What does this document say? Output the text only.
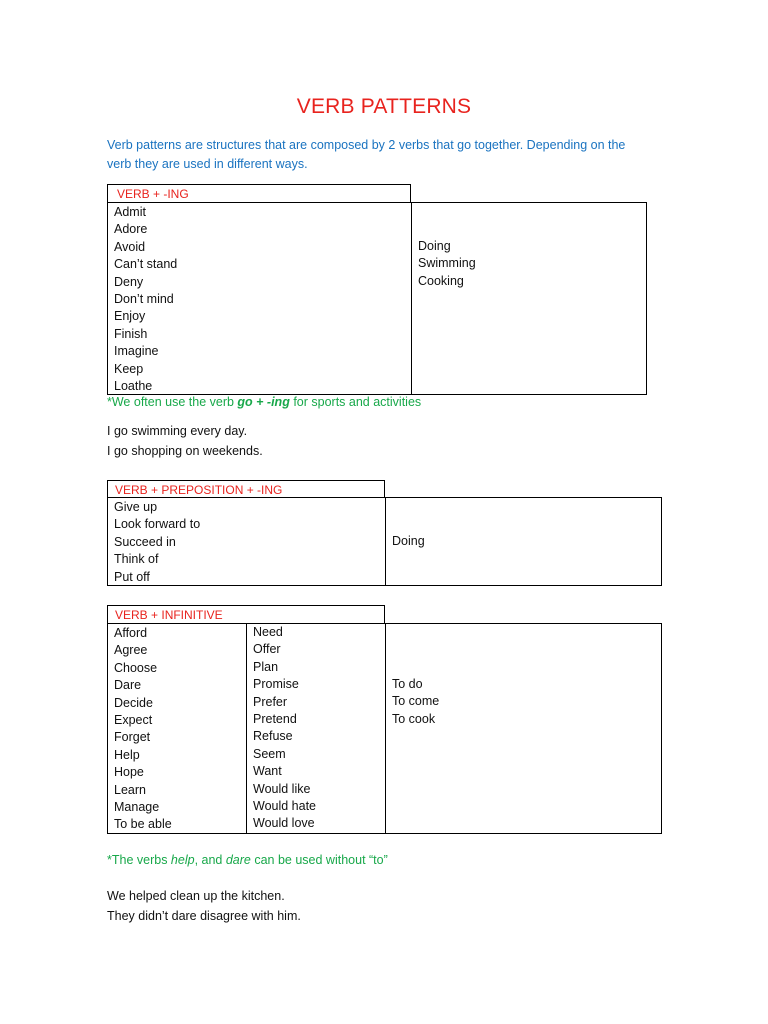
VERB PATTERNS
Verb patterns are structures that are composed by 2 verbs that go together. Depending on the verb they are used in different ways.
VERB + -ING
Admit
Adore
Avoid
Can’t stand
Deny
Don’t mind
Enjoy
Finish
Imagine
Keep
Loathe
Doing
Swimming
Cooking
*We often use the verb go + -ing for sports and activities
I go swimming every day.
I go shopping on weekends.
VERB + PREPOSITION + -ING
Give up
Look forward to
Succeed in
Think of
Put off
Doing
VERB + INFINITIVE
Afford
Agree
Choose
Dare
Decide
Expect
Forget
Help
Hope
Learn
Manage
To be able
Need
Offer
Plan
Promise
Prefer
Pretend
Refuse
Seem
Want
Would like
Would hate
Would love
To do
To come
To cook
*The verbs help, and dare can be used without “to”
We helped clean up the kitchen.
They didn’t dare disagree with him.
